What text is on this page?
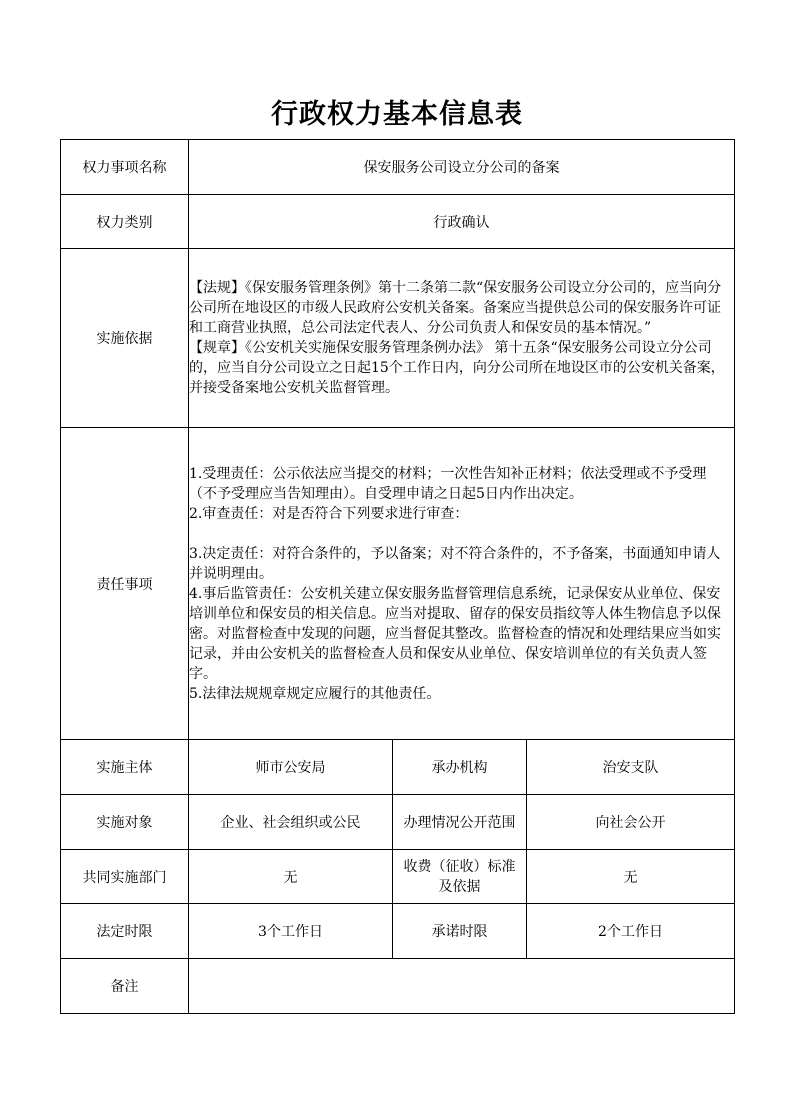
行政权力基本信息表
权力事项名称	保安服务公司设立分公司的备案		
权力类别	行政确认		
实施依据	【法规】《保安服务管理条例》第十二条第二款“保安服务公司设立分公司的，应当向分公司所在地设区的市级人民政府公安机关备案。备案应当提供总公司的保安服务许可证和工商营业执照，总公司法定代表人、分公司负责人和保安员的基本情况。”
【规章】《公安机关实施保安服务管理条例办法》 第十五条“保安服务公司设立分公司的，应当自分公司设立之日起15个工作日内，向分公司所在地设区市的公安机关备案，并接受备案地公安机关监督管理。		

责任事项	1.受理责任：公示依法应当提交的材料；一次性告知补正材料；依法受理或不予受理（不予受理应当告知理由）。自受理申请之日起5日内作出决定。
2.审查责任：对是否符合下列要求进行审查：
3.决定责任：对符合条件的，予以备案；对不符合条件的，不予备案，书面通知申请人并说明理由。
4.事后监管责任：公安机关建立保安服务监督管理信息系统，记录保安从业单位、保安培训单位和保安员的相关信息。应当对提取、留存的保安员指纹等人体生物信息予以保密。对监督检查中发现的问题，应当督促其整改。监督检查的情况和处理结果应当如实记录，并由公安机关的监督检查人员和保安从业单位、保安培训单位的有关负责人签字。
5.法律法规规章规定应履行的其他责任。		

实施主体	师市公安局	承办机构	治安支队
实施对象	企业、社会组织或公民	办理情况公开范围	向社会公开
共同实施部门	无	收费（征收）标准及依据	无
法定时限	3个工作日	承诺时限	2个工作日
备注			
